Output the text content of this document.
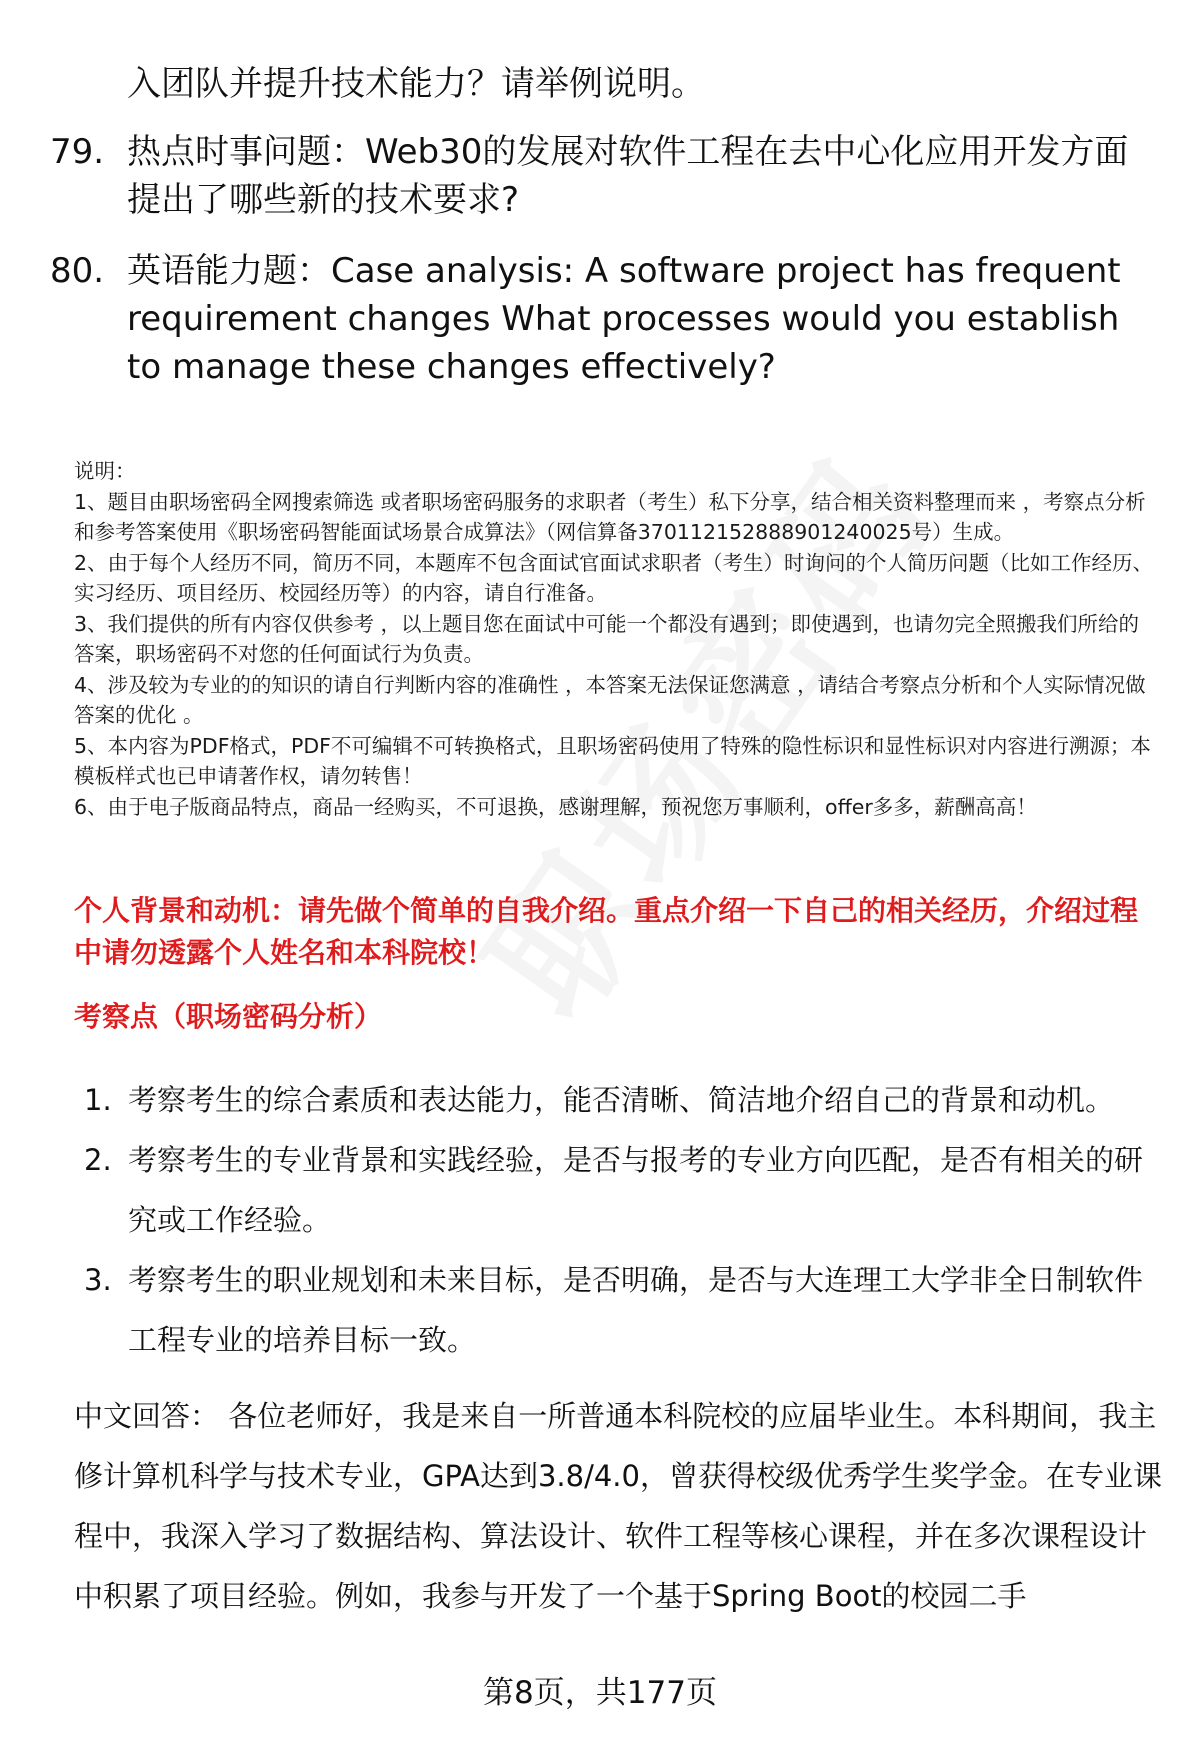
入团队并提升技术能力？请举例说明。
79. 热点时事问题：Web30的发展对软件工程在去中心化应用开发方面提出了哪些新的技术要求?
80. 英语能力题：Case analysis: A software project has frequent requirement changes What processes would you establish to manage these changes effectively?

说明：

1、题目由职场密码全网搜索筛选 或者职场密码服务的求职者（考生）私下分享，结合相关资料整理而来 ，考察点分析和参考答案使用《职场密码智能面试场景合成算法》（网信算备370112152888901240025号）生成。

2、由于每个人经历不同，简历不同，本题库不包含面试官面试求职者（考生）时询问的个人简历问题（比如工作经历、实习经历、项目经历、校园经历等）的内容，请自行准备。

3、我们提供的所有内容仅供参考 ，以上题目您在面试中可能一个都没有遇到；即使遇到，也请勿完全照搬我们所给的答案，职场密码不对您的任何面试行为负责。

4、涉及较为专业的的知识的请自行判断内容的准确性 ，本答案无法保证您满意 ，请结合考察点分析和个人实际情况做答案的优化 。

5、本内容为PDF格式，PDF不可编辑不可转换格式，且职场密码使用了特殊的隐性标识和显性标识对内容进行溯源；本模板样式也已申请著作权，请勿转售！

6、由于电子版商品特点，商品一经购买，不可退换，感谢理解，预祝您万事顺利，offer多多，薪酬高高！

个人背景和动机：请先做个简单的自我介绍。重点介绍一下自己的相关经历，介绍过程中请勿透露个人姓名和本科院校！
考察点（职场密码分析）
1. 考察考生的综合素质和表达能力，能否清晰、简洁地介绍自己的背景和动机。
2. 考察考生的专业背景和实践经验，是否与报考的专业方向匹配，是否有相关的研究或工作经验。
3. 考察考生的职业规划和未来目标，是否明确，是否与大连理工大学非全日制软件工程专业的培养目标一致。
中文回答： 各位老师好，我是来自一所普通本科院校的应届毕业生。本科期间，我主修计算机科学与技术专业，GPA达到3.8/4.0，曾获得校级优秀学生奖学金。在专业课程中，我深入学习了数据结构、算法设计、软件工程等核心课程，并在多次课程设计中积累了项目经验。例如，我参与开发了一个基于Spring Boot的校园二手
第8页，共177页
